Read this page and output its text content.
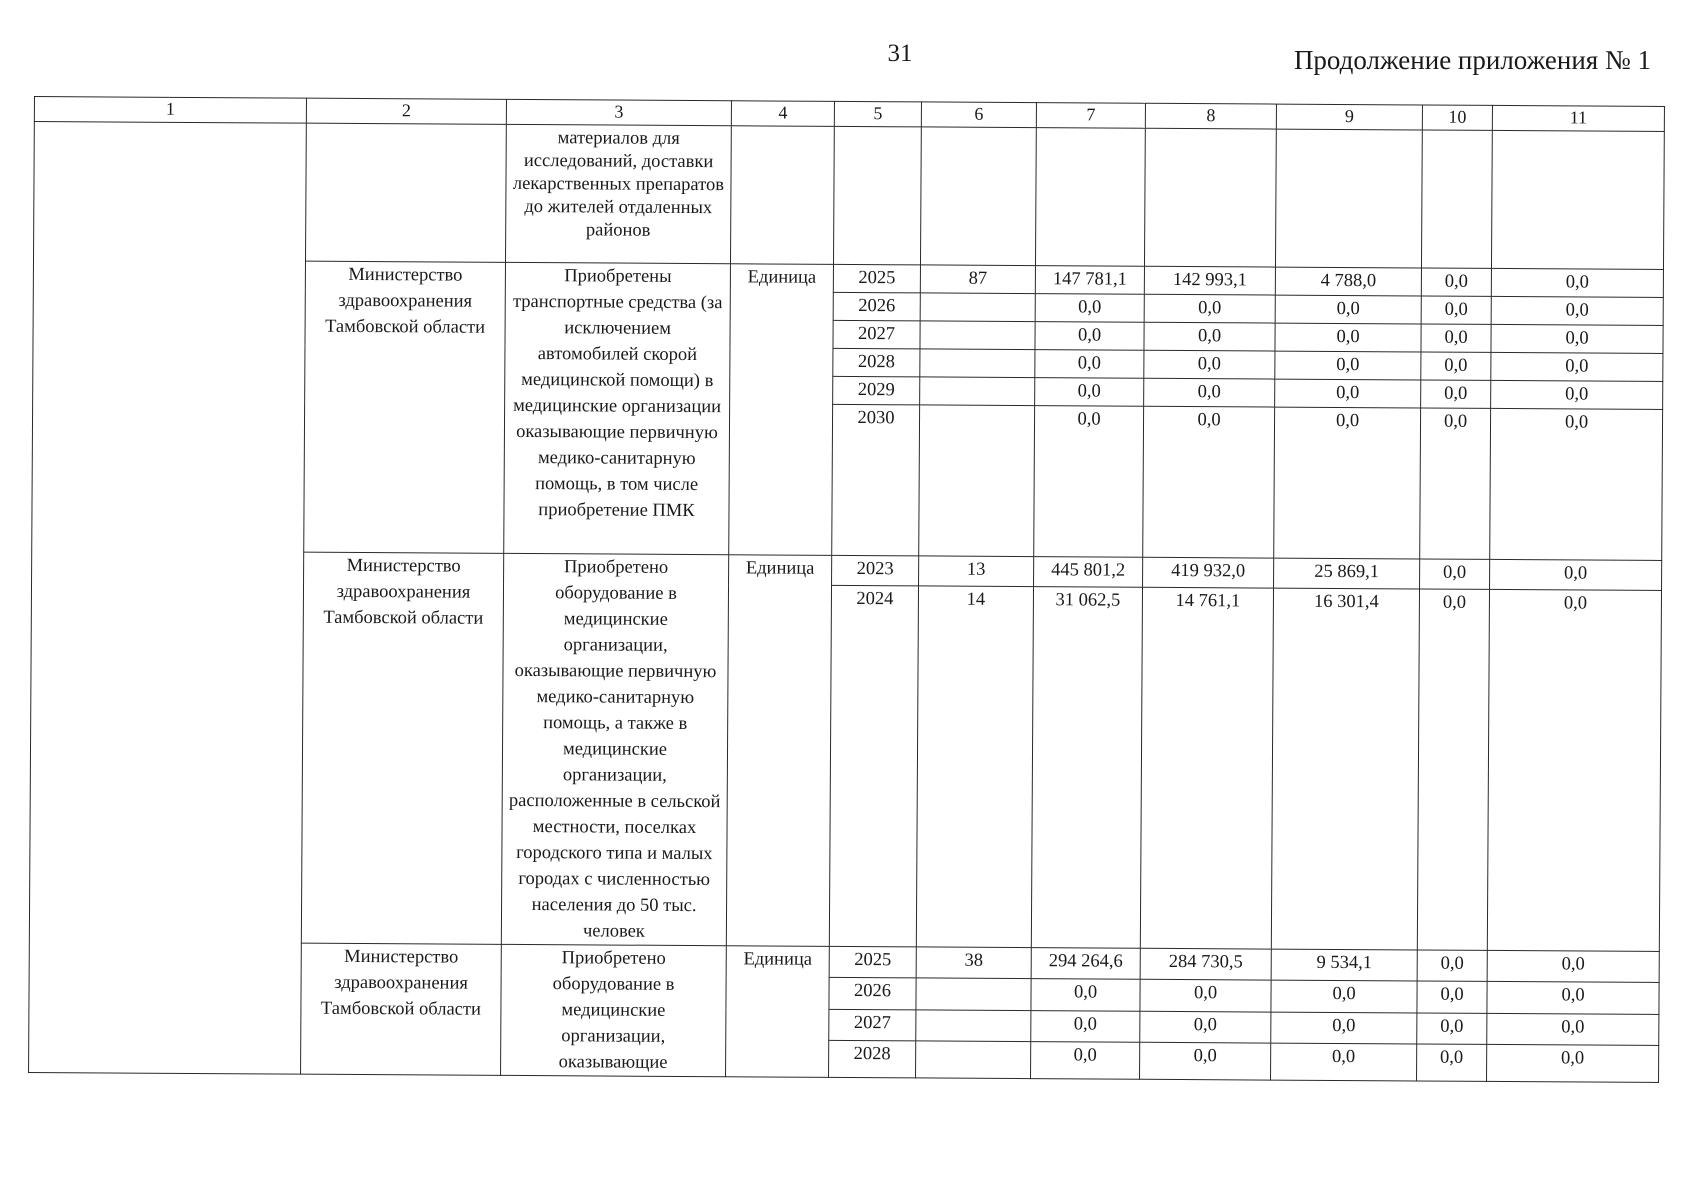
31	Продолжение приложения № 1
1	2	3	4	5	6	7	8	9	10	11
		материалов для исследований, доставки лекарственных препаратов до жителей отдаленных районов								
	Министерство здравоохранения Тамбовской области	Приобретены транспортные средства (за исключением автомобилей скорой медицинской помощи) в медицинские организации оказывающие первичную медико-санитарную помощь, в том числе приобретение ПМК	Единица	2025	87	147 781,1	142 993,1	4 788,0	0,0	0,0
				2026		0,0	0,0	0,0	0,0	0,0
				2027		0,0	0,0	0,0	0,0	0,0
				2028		0,0	0,0	0,0	0,0	0,0
				2029		0,0	0,0	0,0	0,0	0,0
				2030		0,0	0,0	0,0	0,0	0,0
	Министерство здравоохранения Тамбовской области	Приобретено оборудование в медицинские организации, оказывающие первичную медико-санитарную помощь, а также в медицинские организации, расположенные в сельской местности, поселках городского типа и малых городах с численностью населения до 50 тыс. человек	Единица	2023	13	445 801,2	419 932,0	25 869,1	0,0	0,0
				2024	14	31 062,5	14 761,1	16 301,4	0,0	0,0
	Министерство здравоохранения Тамбовской области	Приобретено оборудование в медицинские организации, оказывающие	Единица	2025	38	294 264,6	284 730,5	9 534,1	0,0	0,0
				2026		0,0	0,0	0,0	0,0	0,0
				2027		0,0	0,0	0,0	0,0	0,0
				2028		0,0	0,0	0,0	0,0	0,0
